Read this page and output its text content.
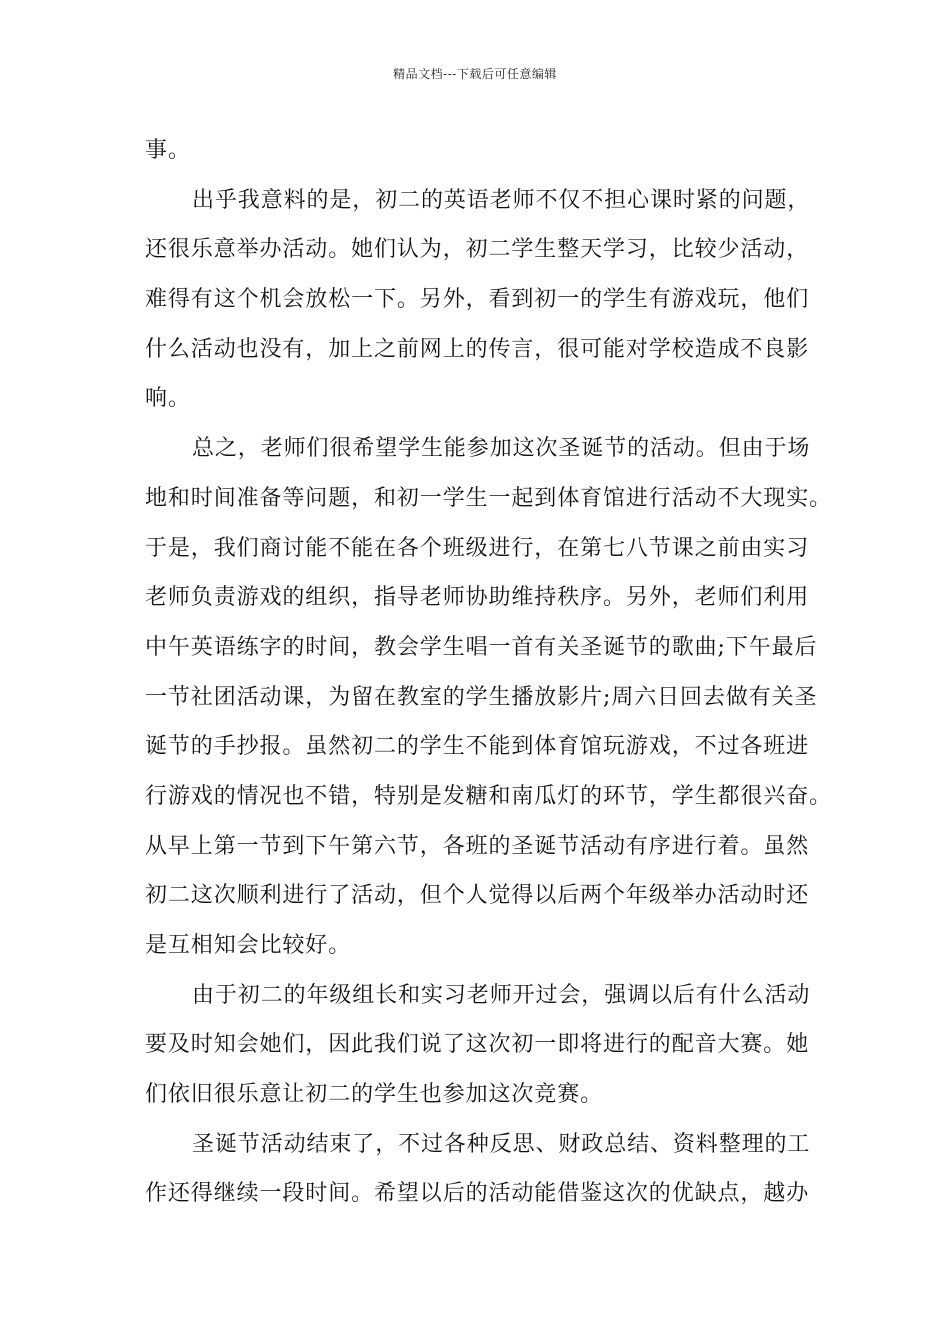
精品文档---下载后可任意编辑
事。
出乎我意料的是，初二的英语老师不仅不担心课时紧的问题，
还很乐意举办活动。她们认为，初二学生整天学习，比较少活动，
难得有这个机会放松一下。另外，看到初一的学生有游戏玩，他们
什么活动也没有，加上之前网上的传言，很可能对学校造成不良影
响。
总之，老师们很希望学生能参加这次圣诞节的活动。但由于场
地和时间准备等问题，和初一学生一起到体育馆进行活动不大现实。
于是，我们商讨能不能在各个班级进行，在第七八节课之前由实习
老师负责游戏的组织，指导老师协助维持秩序。另外，老师们利用
中午英语练字的时间，教会学生唱一首有关圣诞节的歌曲;下午最后
一节社团活动课，为留在教室的学生播放影片;周六日回去做有关圣
诞节的手抄报。虽然初二的学生不能到体育馆玩游戏，不过各班进
行游戏的情况也不错，特别是发糖和南瓜灯的环节，学生都很兴奋。
从早上第一节到下午第六节，各班的圣诞节活动有序进行着。虽然
初二这次顺利进行了活动，但个人觉得以后两个年级举办活动时还
是互相知会比较好。
由于初二的年级组长和实习老师开过会，强调以后有什么活动
要及时知会她们，因此我们说了这次初一即将进行的配音大赛。她
们依旧很乐意让初二的学生也参加这次竞赛。
圣诞节活动结束了，不过各种反思、财政总结、资料整理的工
作还得继续一段时间。希望以后的活动能借鉴这次的优缺点，越办
